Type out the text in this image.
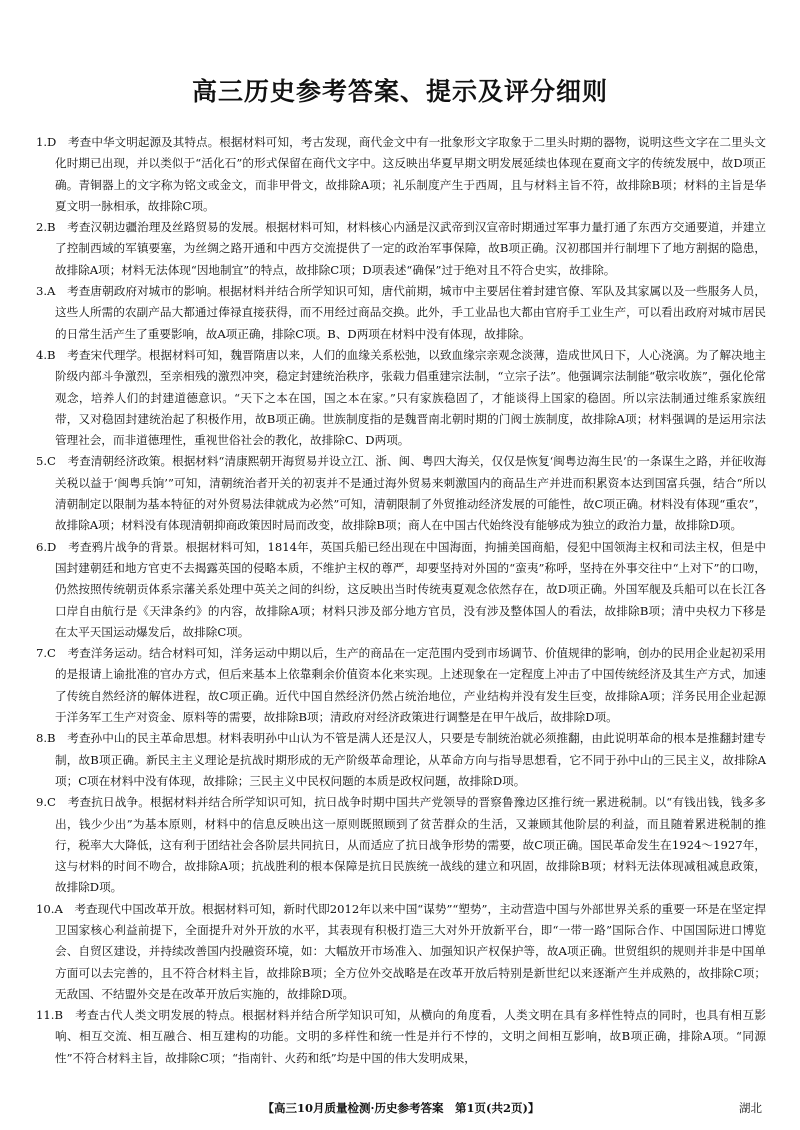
高三历史参考答案、提示及评分细则

1.D　 考查中华文明起源及其特点。根据材料可知，考古发现，商代金文中有一批象形文字取象于二里头时期的器物，说明这些文字在二里头文化时期已出现，并以类似于“活化石”的形式保留在商代文字中。这反映出华夏早期文明发展延续也体现在夏商文字的传统发展中，故D项正确。青铜器上的文字称为铭文或金文，而非甲骨文，故排除A项；礼乐制度产生于西周，且与材料主旨不符，故排除B项；材料的主旨是华夏文明一脉相承，故排除C项。

2.B　 考查汉朝边疆治理及丝路贸易的发展。根据材料可知，材料核心内涵是汉武帝到汉宣帝时期通过军事力量打通了东西方交通要道，并建立了控制西域的军镇要塞，为丝绸之路开通和中西方交流提供了一定的政治军事保障，故B项正确。汉初郡国并行制埋下了地方割据的隐患，故排除A项；材料无法体现“因地制宜”的特点，故排除C项；D项表述“确保”过于绝对且不符合史实，故排除。

3.A　 考查唐朝政府对城市的影响。根据材料并结合所学知识可知，唐代前期，城市中主要居住着封建官僚、军队及其家属以及一些服务人员，这些人所需的农副产品大都通过俸禄直接获得，而不用经过商品交换。此外，手工业品也大都由官府手工业生产，可以看出政府对城市居民的日常生活产生了重要影响，故A项正确，排除C项。B、D两项在材料中没有体现，故排除。

4.B　 考查宋代理学。根据材料可知，魏晋隋唐以来，人们的血缘关系松弛，以致血缘宗亲观念淡薄，造成世风日下，人心浇漓。为了解决地主阶级内部斗争激烈，至亲相残的激烈冲突，稳定封建统治秩序，张载力倡重建宗法制，“立宗子法”。他强调宗法制能“敬宗收族”，强化伦常观念，培养人们的封建道德意识。“天下之本在国，国之本在家。”只有家族稳固了，才能谈得上国家的稳固。所以宗法制通过维系家族纽带，又对稳固封建统治起了积极作用，故B项正确。世族制度指的是魏晋南北朝时期的门阀士族制度，故排除A项；材料强调的是运用宗法管理社会，而非道德理性，重视世俗社会的教化，故排除C、D两项。

5.C　 考查清朝经济政策。根据材料“清康熙朝开海贸易并设立江、浙、闽、粤四大海关，仅仅是恢复‘闽粤边海生民’的一条谋生之路，并征收海关税以益于‘闽粤兵饷’”可知，清朝统治者开关的初衷并不是通过海外贸易来刺激国内的商品生产并进而积累资本达到国富兵强，结合“所以清朝制定以限制为基本特征的对外贸易法律就成为必然”可知，清朝限制了外贸推动经济发展的可能性，故C项正确。材料没有体现“重农”，故排除A项；材料没有体现清朝抑商政策因时局而改变，故排除B项；商人在中国古代始终没有能够成为独立的政治力量，故排除D项。

6.D　 考查鸦片战争的背景。根据材料可知，1814年，英国兵船已经出现在中国海面，拘捕美国商船，侵犯中国领海主权和司法主权，但是中国封建朝廷和地方官吏不去揭露英国的侵略本质，不维护主权的尊严，却要坚持对外国的“蛮夷”称呼，坚持在外事交往中“上对下”的口吻，仍然按照传统朝贡体系宗藩关系处理中英关之间的纠纷，这反映出当时传统夷夏观念依然存在，故D项正确。外国军舰及兵船可以在长江各口岸自由航行是《天津条约》的内容，故排除A项；材料只涉及部分地方官员，没有涉及整体国人的看法，故排除B项；清中央权力下移是在太平天国运动爆发后，故排除C项。

7.C　 考查洋务运动。结合材料可知，洋务运动中期以后，生产的商品在一定范围内受到市场调节、价值规律的影响，创办的民用企业起初采用的是报请上谕批准的官办方式，但后来基本上依靠剩余价值资本化来实现。上述现象在一定程度上冲击了中国传统经济及其生产方式，加速了传统自然经济的解体进程，故C项正确。近代中国自然经济仍然占统治地位，产业结构并没有发生巨变，故排除A项；洋务民用企业起源于洋务军工生产对资金、原料等的需要，故排除B项；清政府对经济政策进行调整是在甲午战后，故排除D项。

8.B　 考查孙中山的民主革命思想。材料表明孙中山认为不管是满人还是汉人，只要是专制统治就必须推翻，由此说明革命的根本是推翻封建专制，故B项正确。新民主主义理论是抗战时期形成的无产阶级革命理论，从革命方向与指导思想看，它不同于孙中山的三民主义，故排除A项；C项在材料中没有体现，故排除；三民主义中民权问题的本质是政权问题，故排除D项。

9.C　 考查抗日战争。根据材料并结合所学知识可知，抗日战争时期中国共产党领导的晋察鲁豫边区推行统一累进税制。以“有钱出钱，钱多多出，钱少少出”为基本原则，材料中的信息反映出这一原则既照顾到了贫苦群众的生活，又兼顾其他阶层的利益，而且随着累进税制的推行，税率大大降低，这有利于团结社会各阶层共同抗日，从而适应了抗日战争形势的需要，故C项正确。国民革命发生在1924～1927年，这与材料的时间不吻合，故排除A项；抗战胜利的根本保障是抗日民族统一战线的建立和巩固，故排除B项；材料无法体现减租减息政策，故排除D项。

10.A　 考查现代中国改革开放。根据材料可知，新时代即2012年以来中国“谋势”“塑势”，主动营造中国与外部世界关系的重要一环是在坚定捍卫国家核心利益前提下，全面提升对外开放的水平，其表现有积极打造三大对外开放新平台，即“一带一路”国际合作、中国国际进口博览会、自贸区建设，并持续改善国内投融资环境，如：大幅放开市场准入、加强知识产权保护等，故A项正确。世贸组织的规则并非是中国单方面可以去完善的，且不符合材料主旨，故排除B项；全方位外交战略是在改革开放后特别是新世纪以来逐渐产生并成熟的，故排除C项；无敌国、不结盟外交是在改革开放后实施的，故排除D项。

11.B　 考查古代人类文明发展的特点。根据材料并结合所学知识可知，从横向的角度看，人类文明在具有多样性特点的同时，也具有相互影响、相互交流、相互融合、相互建构的功能。文明的多样性和统一性是并行不悖的，文明之间相互影响，故B项正确，排除A项。“同源性”不符合材料主旨，故排除C项；“指南针、火药和纸”均是中国的伟大发明成果，

【高三10月质量检测·历史参考答案　第1页(共2页)】	湖北
